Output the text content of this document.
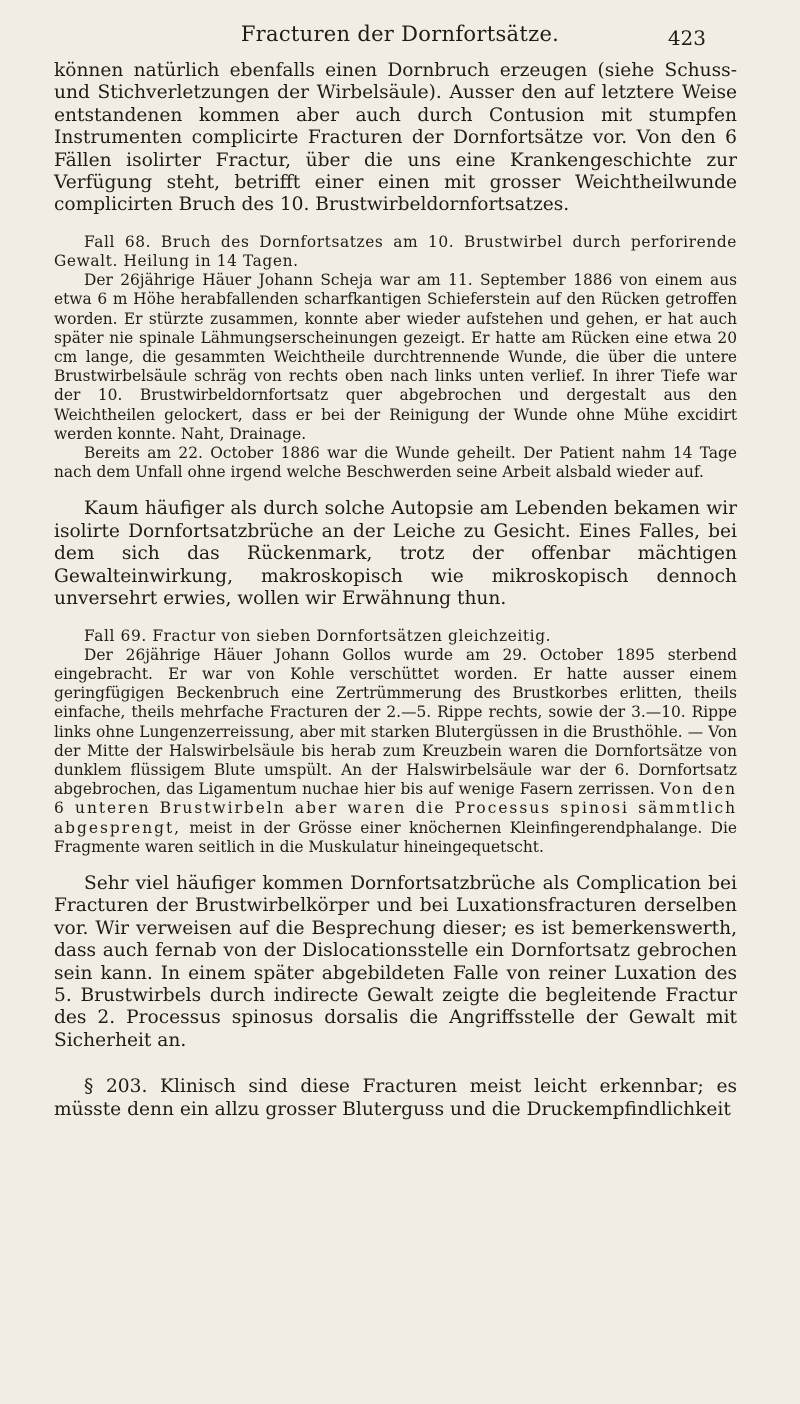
Fracturen der Dornfortsätze.	423

können natürlich ebenfalls einen Dornbruch erzeugen (siehe Schuss- und Stichverletzungen der Wirbelsäule). Ausser den auf letztere Weise entstandenen kommen aber auch durch Contusion mit stumpfen Instrumenten complicirte Fracturen der Dornfortsätze vor. Von den 6 Fällen isolirter Fractur, über die uns eine Krankengeschichte zur Verfügung steht, betrifft einer einen mit grosser Weichtheilwunde complicirten Bruch des 10. Brustwirbeldornfortsatzes.

Fall 68. Bruch des Dornfortsatzes am 10. Brustwirbel durch perforirende Gewalt. Heilung in 14 Tagen.

Der 26jährige Häuer Johann Scheja war am 11. September 1886 von einem aus etwa 6 m Höhe herabfallenden scharfkantigen Schieferstein auf den Rücken getroffen worden. Er stürzte zusammen, konnte aber wieder aufstehen und gehen, er hat auch später nie spinale Lähmungserscheinungen gezeigt. Er hatte am Rücken eine etwa 20 cm lange, die gesammten Weichtheile durchtrennende Wunde, die über die untere Brustwirbelsäule schräg von rechts oben nach links unten verlief. In ihrer Tiefe war der 10. Brustwirbeldornfortsatz quer abgebrochen und dergestalt aus den Weichtheilen gelockert, dass er bei der Reinigung der Wunde ohne Mühe excidirt werden konnte. Naht, Drainage.

Bereits am 22. October 1886 war die Wunde geheilt. Der Patient nahm 14 Tage nach dem Unfall ohne irgend welche Beschwerden seine Arbeit alsbald wieder auf.

Kaum häufiger als durch solche Autopsie am Lebenden bekamen wir isolirte Dornfortsatzbrüche an der Leiche zu Gesicht. Eines Falles, bei dem sich das Rückenmark, trotz der offenbar mächtigen Gewalteinwirkung, makroskopisch wie mikroskopisch dennoch unversehrt erwies, wollen wir Erwähnung thun.

Fall 69. Fractur von sieben Dornfortsätzen gleichzeitig.

Der 26jährige Häuer Johann Gollos wurde am 29. October 1895 sterbend eingebracht. Er war von Kohle verschüttet worden. Er hatte ausser einem geringfügigen Beckenbruch eine Zertrümmerung des Brustkorbes erlitten, theils einfache, theils mehrfache Fracturen der 2.—5. Rippe rechts, sowie der 3.—10. Rippe links ohne Lungenzerreissung, aber mit starken Blutergüssen in die Brusthöhle. — Von der Mitte der Halswirbelsäule bis herab zum Kreuzbein waren die Dornfortsätze von dunklem flüssigem Blute umspült. An der Halswirbelsäule war der 6. Dornfortsatz abgebrochen, das Ligamentum nuchae hier bis auf wenige Fasern zerrissen. Von den 6 unteren Brustwirbeln aber waren die Processus spinosi sämmtlich abgesprengt, meist in der Grösse einer knöchernen Kleinfingerendphalange. Die Fragmente waren seitlich in die Muskulatur hineingequetscht.

Sehr viel häufiger kommen Dornfortsatzbrüche als Complication bei Fracturen der Brustwirbelkörper und bei Luxationsfracturen derselben vor. Wir verweisen auf die Besprechung dieser; es ist bemerkenswerth, dass auch fernab von der Dislocationsstelle ein Dornfortsatz gebrochen sein kann. In einem später abgebildeten Falle von reiner Luxation des 5. Brustwirbels durch indirecte Gewalt zeigte die begleitende Fractur des 2. Processus spinosus dorsalis die Angriffsstelle der Gewalt mit Sicherheit an.

§ 203. Klinisch sind diese Fracturen meist leicht erkennbar; es müsste denn ein allzu grosser Bluterguss und die Druckempfindlichkeit
